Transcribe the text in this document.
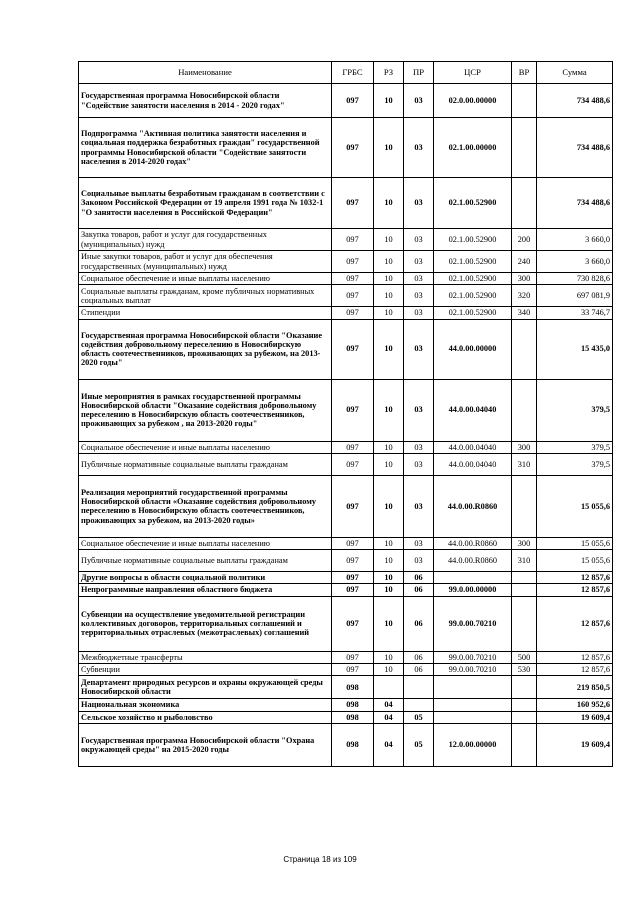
Наименование	ГРБС	РЗ	ПР	ЦСР	ВР	Сумма
Государственная программа Новосибирской области "Содействие занятости населения в 2014 - 2020 годах"	097	10	03	02.0.00.00000		734 488,6
Подпрограмма "Активная политика занятости населения и социальная поддержка безработных граждан" государственной программы Новосибирской области "Содействие занятости населения в 2014-2020 годах"	097	10	03	02.1.00.00000		734 488,6
Социальные выплаты безработным гражданам в соответствии с Законом Российской Федерации от 19 апреля 1991 года № 1032-1 "О занятости населения в Российской Федерации"	097	10	03	02.1.00.52900		734 488,6
Закупка товаров, работ и услуг для государственных (муниципальных) нужд	097	10	03	02.1.00.52900	200	3 660,0
Иные закупки товаров, работ и услуг для обеспечения государственных (муниципальных) нужд	097	10	03	02.1.00.52900	240	3 660,0
Социальное обеспечение и иные выплаты населению	097	10	03	02.1.00.52900	300	730 828,6
Социальные выплаты гражданам, кроме публичных нормативных социальных выплат	097	10	03	02.1.00.52900	320	697 081,9
Стипендии	097	10	03	02.1.00.52900	340	33 746,7
Государственная программа Новосибирской области "Оказание содействия добровольному переселению в Новосибирскую область соотечественников, проживающих за рубежом, на 2013-2020 годы"	097	10	03	44.0.00.00000		15 435,0
Иные мероприятия в рамках государственной программы Новосибирской области "Оказание содействия добровольному переселению в Новосибирскую область соотечественников, проживающих за рубежом , на 2013-2020 годы"	097	10	03	44.0.00.04040		379,5
Социальное обеспечение и иные выплаты населению	097	10	03	44.0.00.04040	300	379,5
Публичные нормативные социальные выплаты гражданам	097	10	03	44.0.00.04040	310	379,5
Реализация мероприятий государственной программы Новосибирской области «Оказание содействия добровольному переселению в Новосибирскую область соотечественников, проживающих за рубежом, на 2013-2020 годы»	097	10	03	44.0.00.R0860		15 055,6
Социальное обеспечение и иные выплаты населению	097	10	03	44.0.00.R0860	300	15 055,6
Публичные нормативные социальные выплаты гражданам	097	10	03	44.0.00.R0860	310	15 055,6
Другие вопросы в области социальной политики	097	10	06			12 857,6
Непрограммные направления областного бюджета	097	10	06	99.0.00.00000		12 857,6
Субвенции на осуществление уведомительной регистрации коллективных договоров, территориальных соглашений и территориальных отраслевых (межотраслевых) соглашений	097	10	06	99.0.00.70210		12 857,6
Межбюджетные трансферты	097	10	06	99.0.00.70210	500	12 857,6
Субвенции	097	10	06	99.0.00.70210	530	12 857,6
Департамент природных ресурсов и охраны окружающей среды Новосибирской области	098					219 850,5
Национальная экономика	098	04				160 952,6
Сельское хозяйство и рыболовство	098	04	05			19 609,4
Государственная программа Новосибирской области "Охрана окружающей среды" на 2015-2020 годы	098	04	05	12.0.00.00000		19 609,4
Страница 18 из 109
